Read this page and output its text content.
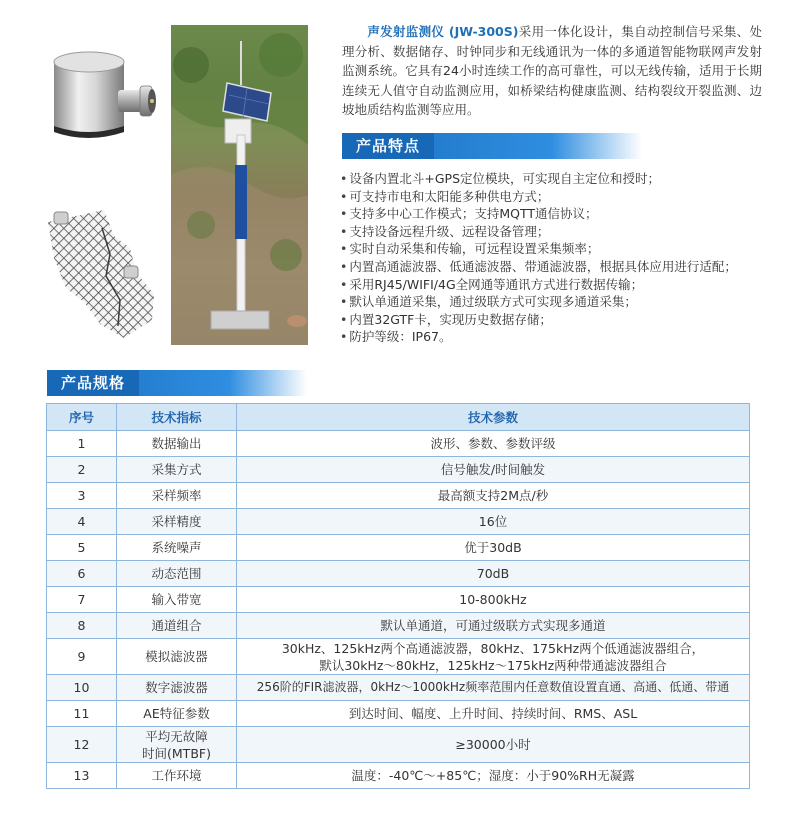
声发射监测仪 (JW-300S)采用一体化设计，集自动控制信号采集、处理分析、数据储存、时钟同步和无线通讯为一体的多通道智能物联网声发射监测系统。它具有24小时连续工作的高可靠性，可以无线传输，适用于长期连续无人值守自动监测应用，如桥梁结构健康监测、结构裂纹开裂监测、边坡地质结构监测等应用。
产品特点
• 设备内置北斗+GPS定位模块，可实现自主定位和授时；
• 可支持市电和太阳能多种供电方式；
• 支持多中心工作模式；支持MQTT通信协议；
• 支持设备远程升级、远程设备管理；
• 实时自动采集和传输，可远程设置采集频率；
• 内置高通滤波器、低通滤波器、带通滤波器，根据具体应用进行适配；
• 采用RJ45/WIFI/4G全网通等通讯方式进行数据传输；
• 默认单通道采集，通过级联方式可实现多通道采集；
• 内置32GTF卡，实现历史数据存储；
• 防护等级：IP67。
产品规格
序号	技术指标	技术参数
1	数据输出	波形、参数、参数评级

2	采集方式	信号触发/时间触发

3	采样频率	最高额支持2M点/秒

4	采样精度	16位

5	系统噪声	优于30dB

6	动态范围	70dB

7	输入带宽	10-800kHz

8	通道组合	默认单通道，可通过级联方式实现多通道

9	模拟滤波器	30kHz、125kHz两个高通滤波器，80kHz、175kHz两个低通滤波器组合，
默认30kHz～80kHz，125kHz～175kHz两种带通滤波器组合

10	数字滤波器	256阶的FIR滤波器，0kHz～1000kHz频率范围内任意数值设置直通、高通、低通、带通

11	AE特征参数	到达时间、幅度、上升时间、持续时间、RMS、ASL

12	平均无故障
时间(MTBF)	≥30000小时

13	工作环境	温度：-40℃～+85℃；湿度：小于90%RH无凝露
